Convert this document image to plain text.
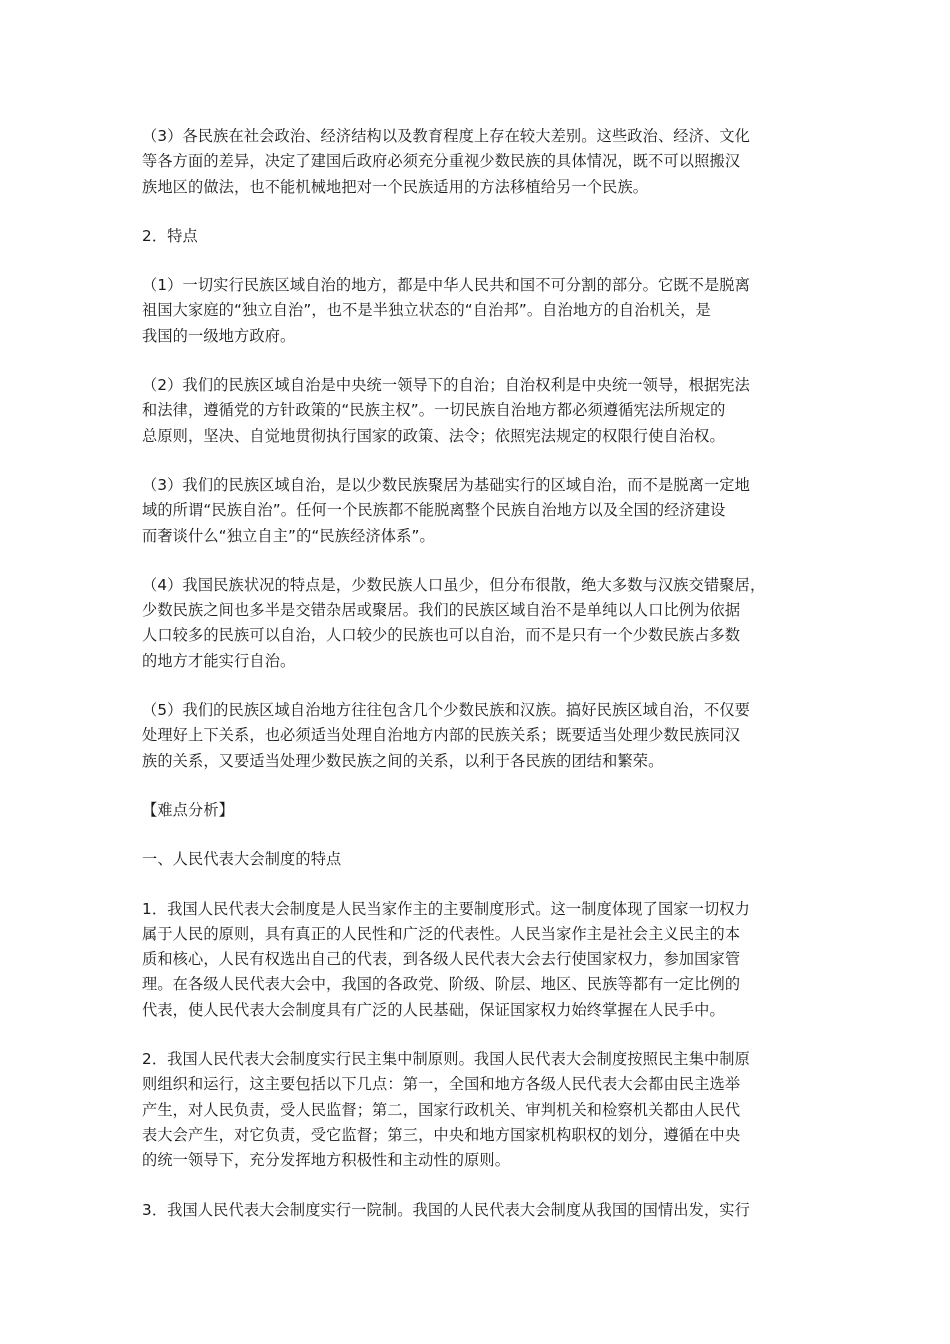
（3）各民族在社会政治、经济结构以及教育程度上存在较大差别。这些政治、经济、文化
等各方面的差异，决定了建国后政府必须充分重视少数民族的具体情况，既不可以照搬汉
族地区的做法，也不能机械地把对一个民族适用的方法移植给另一个民族。

2．特点

（1）一切实行民族区域自治的地方，都是中华人民共和国不可分割的部分。它既不是脱离
祖国大家庭的“独立自治”，也不是半独立状态的“自治邦”。自治地方的自治机关，是
我国的一级地方政府。

（2）我们的民族区域自治是中央统一领导下的自治；自治权利是中央统一领导，根据宪法
和法律，遵循党的方针政策的“民族主权”。一切民族自治地方都必须遵循宪法所规定的
总原则，坚决、自觉地贯彻执行国家的政策、法令；依照宪法规定的权限行使自治权。

（3）我们的民族区域自治，是以少数民族聚居为基础实行的区域自治，而不是脱离一定地
域的所谓“民族自治”。任何一个民族都不能脱离整个民族自治地方以及全国的经济建设
而奢谈什么“独立自主”的“民族经济体系”。

（4）我国民族状况的特点是，少数民族人口虽少，但分布很散，绝大多数与汉族交错聚居，
少数民族之间也多半是交错杂居或聚居。我们的民族区域自治不是单纯以人口比例为依据
人口较多的民族可以自治，人口较少的民族也可以自治，而不是只有一个少数民族占多数
的地方才能实行自治。

（5）我们的民族区域自治地方往往包含几个少数民族和汉族。搞好民族区域自治，不仅要
处理好上下关系，也必须适当处理自治地方内部的民族关系；既要适当处理少数民族同汉
族的关系，又要适当处理少数民族之间的关系，以利于各民族的团结和繁荣。

【难点分析】

一、人民代表大会制度的特点

1．我国人民代表大会制度是人民当家作主的主要制度形式。这一制度体现了国家一切权力
属于人民的原则，具有真正的人民性和广泛的代表性。人民当家作主是社会主义民主的本
质和核心，人民有权选出自己的代表，到各级人民代表大会去行使国家权力，参加国家管
理。在各级人民代表大会中，我国的各政党、阶级、阶层、地区、民族等都有一定比例的
代表，使人民代表大会制度具有广泛的人民基础，保证国家权力始终掌握在人民手中。

2．我国人民代表大会制度实行民主集中制原则。我国人民代表大会制度按照民主集中制原
则组织和运行，这主要包括以下几点：第一，全国和地方各级人民代表大会都由民主选举
产生，对人民负责，受人民监督；第二，国家行政机关、审判机关和检察机关都由人民代
表大会产生，对它负责，受它监督；第三，中央和地方国家机构职权的划分，遵循在中央
的统一领导下，充分发挥地方积极性和主动性的原则。

3．我国人民代表大会制度实行一院制。我国的人民代表大会制度从我国的国情出发，实行
